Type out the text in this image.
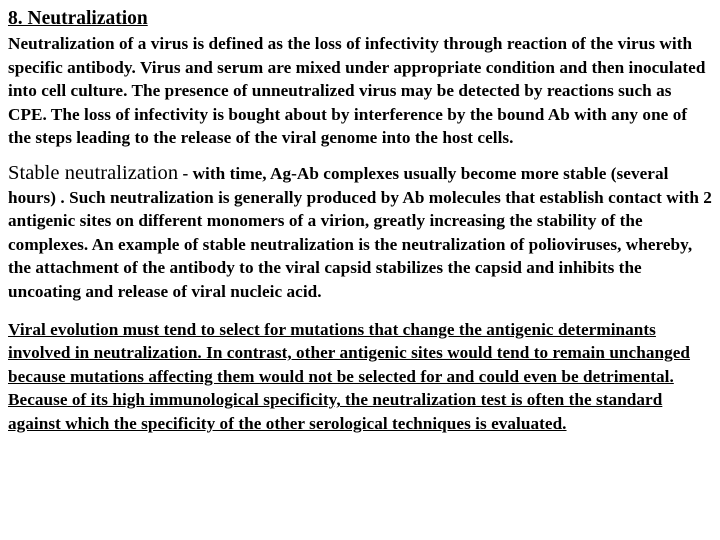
8. Neutralization

Neutralization of a virus is defined as the loss of infectivity through reaction of the virus with specific antibody. Virus and serum are mixed under appropriate condition and then inoculated into cell culture. The presence of unneutralized virus may be detected by reactions such as CPE. The loss of infectivity is bought about by interference by the bound Ab with any one of the steps leading to the release of the viral genome into the host cells.

Stable neutralization - with time, Ag-Ab complexes usually become more stable (several hours) . Such neutralization is generally produced by Ab molecules that establish contact with 2 antigenic sites on different monomers of a virion, greatly increasing the stability of the complexes. An example of stable neutralization is the neutralization of polioviruses, whereby, the attachment of the antibody to the viral capsid stabilizes the capsid and inhibits the uncoating and release of viral nucleic acid.

Viral evolution must tend to select for mutations that change the antigenic determinants involved in neutralization. In contrast, other antigenic sites would tend to remain unchanged because mutations affecting them would not be selected for and could even be detrimental. Because of its high immunological specificity, the neutralization test is often the standard against which the specificity of the other serological techniques is evaluated.
